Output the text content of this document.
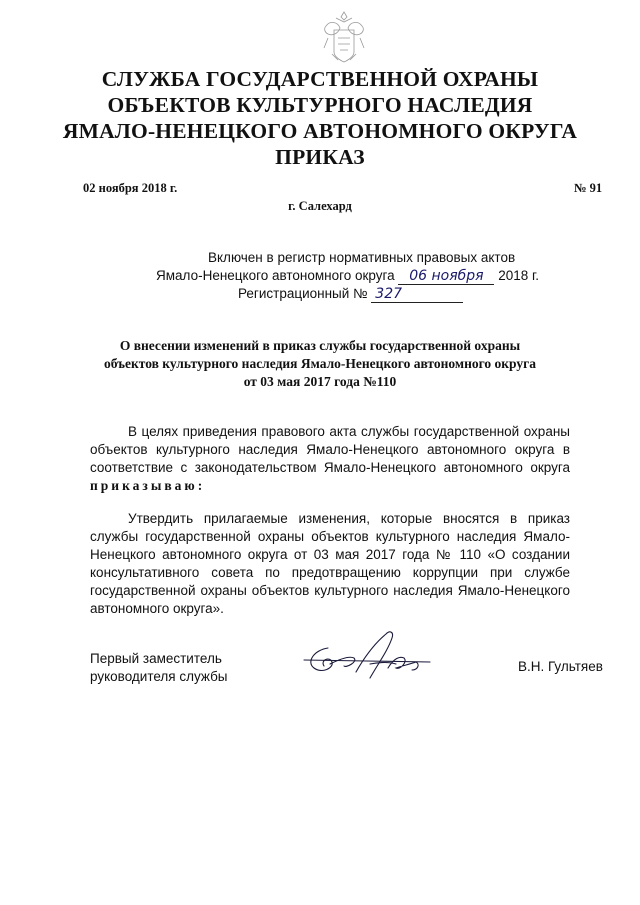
СЛУЖБА ГОСУДАРСТВЕННОЙ ОХРАНЫ
ОБЪЕКТОВ КУЛЬТУРНОГО НАСЛЕДИЯ
ЯМАЛО-НЕНЕЦКОГО АВТОНОМНОГО ОКРУГА
ПРИКАЗ
02 ноября 2018 г.	№ 91
г. Салехард
Включен в регистр нормативных правовых актов
Ямало-Ненецкого автономного округа 06 ноября 2018 г.
Регистрационный № 327
О внесении изменений в приказ службы государственной охраны
объектов культурного наследия Ямало-Ненецкого автономного округа
от 03 мая 2017 года №110
В целях приведения правового акта службы государственной охраны объектов культурного наследия Ямало-Ненецкого автономного округа в соответствие с законодательством Ямало-Ненецкого автономного округа приказываю:
Утвердить прилагаемые изменения, которые вносятся в приказ службы государственной охраны объектов культурного наследия Ямало-Ненецкого автономного округа от 03 мая 2017 года № 110 «О создании консультативного совета по предотвращению коррупции при службе государственной охраны объектов культурного наследия Ямало-Ненецкого автономного округа».
Первый заместитель
руководителя службы
В.Н. Гультяев
